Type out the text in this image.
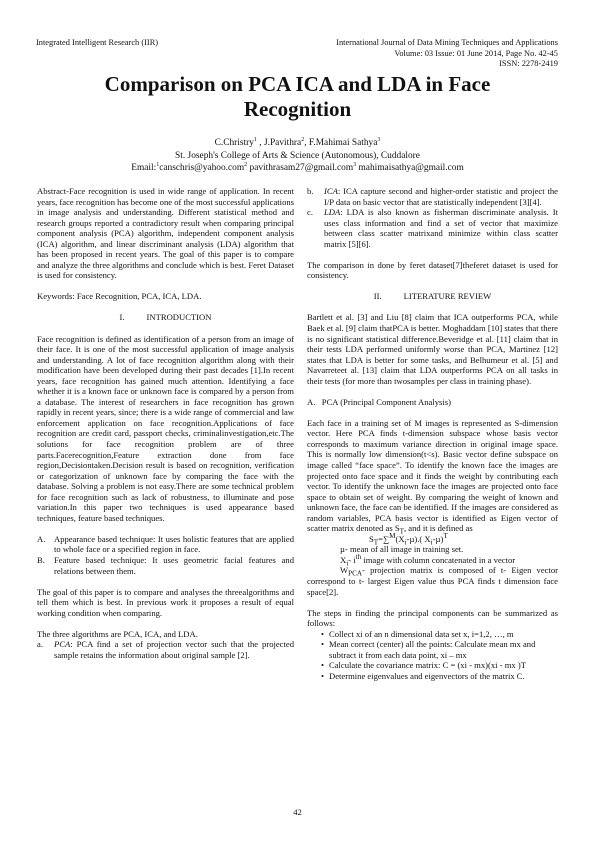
Integrated Intelligent Research (IIR)	International Journal of Data Mining Techniques and Applications
Volume: 03 Issue: 01 June 2014, Page No. 42-45
ISSN: 2278-2419
Comparison on PCA ICA and LDA in Face
Recognition
C.Christry$^1$ , J.Pavithra$^2$, F.Mahimai Sathya$^3$
St. Joseph's College of Arts & Science (Autonomous), Cuddalore
Email:$^1$canschris@yahoo.com$^2$ pavithrasam27@gmail.com$^3$ mahimaisathya@gmail.com

Abstract-Face recognition is used in wide range of application. In recent years, face recognition has become one of the most successful applications in image analysis and understanding. Different statistical method and research groups reported a contradictory result when comparing principal component analysis (PCA) algorithm, independent component analysis (ICA) algorithm, and linear discriminant analysis (LDA) algorithm that has been proposed in recent years. The goal of this paper is to compare and analyze the three algorithms and conclude which is best. Feret Dataset is used for consistency.

Keywords: Face Recognition, PCA, ICA, LDA.

I.	INTRODUCTION

Face recognition is defined as identification of a person from an image of their face. It is one of the most successful application of image analysis and understanding. A lot of face recognition algorithm along with their modification have been developed during their past decades [1].In recent years, face recognition has gained much attention. Identifying a face whether it is a known face or unknown face is compared by a person from a database. The interest of researchers in face recognition has grown rapidly in recent years, since; there is a wide range of commercial and law enforcement application on face recognition.Applications of face recognition are credit card, passport checks, criminalinvestigation,etc.The solutions for face recognition problem are of three parts.Facerecognition,Feature extraction done from face region,Decisiontaken.Decision result is based on recognition, verification or categorization of unknown face by comparing the face with the database. Solving a problem is not easy.There are some technical problem for face recognition such as lack of robustness, to illuminate and pose variation.In this paper two techniques is used appearance based techniques, feature based techniques.

A.	Appearance based technique: It uses holistic features that are applied to whole face or a specified region in face.
B.	Feature based technique: It uses geometric facial features and relations between them.

The goal of this paper is to compare and analyses the threealgorithms and tell them which is best. In previous work it proposes a result of equal working condition when comparing.

The three algorithms are PCA, ICA, and LDA.
a.	PCA: PCA find a set of projection vector such that the projected sample retains the information about original sample [2].
b.	ICA: ICA capture second and higher-order statistic and project the I/P data on basic vector that are statistically independent [3][4].
c.	LDA: LDA is also known as fisherman discriminate analysis. It uses class information and find a set of vector that maximize between class scatter matrixand minimize within class scatter matrix [5][6].

The comparison in done by feret dataset[7]theferet dataset is used for consistency.

II.	LITERATURE REVIEW

Bartlett et al. [3] and Liu [8] claim that ICA outperforms PCA, while Baek et al. [9] claim thatPCA is better. Moghaddam [10] states that there is no significant statistical difference.Beveridge et al. [11] claim that in their tests LDA performed uniformly worse than PCA, Martinez [12] states that LDA is better for some tasks, and Belhumeur et al. [5] and Navarreteet al. [13] claim that LDA outperforms PCA on all tasks in their tests (for more than twosamples per class in training phase).

A.   PCA (Principal Component Analysis)

Each face in a training set of M images is represented as S-dimension vector. Here PCA finds t-dimension subspace whose basis vector corresponds to maximum variance direction in original image space. This is normally low dimension(t<s). Basic vector define subspace on image called “face space”. To identify the known face the images are projected onto face space and it finds the weight by contributing each vector. To identify the unknown face the images are projected onto face space to obtain set of weight. By comparing the weight of known and unknown face, the face can be identified. If the images are considered as random variables, PCA basis vector is identified as Eigen vector of scatter matrix denoted as $S_T$, and it is defined as
$S_T=\sum^M(X_i-\mu)$.( $X_i-\mu)^T$
µ- mean of all image in training set.
$X_i-$ $i^{th}$ image with column concatenated in a vector
$W_{PCA}-$ projection matrix is composed of t- Eigen vector correspond to t- largest Eigen value thus PCA finds t dimension face space[2].
The steps in finding the principal components can be summarized as follows:
• Collect xi of an n dimensional data set x, i=1,2, …, m
• Mean correct (center) all the points: Calculate mean mx and subtract it from each data point, xi – mx
• Calculate the covariance matrix: C = (xi - mx)(xi - mx )T
• Determine eigenvalues and eigenvectors of the matrix C.
42
